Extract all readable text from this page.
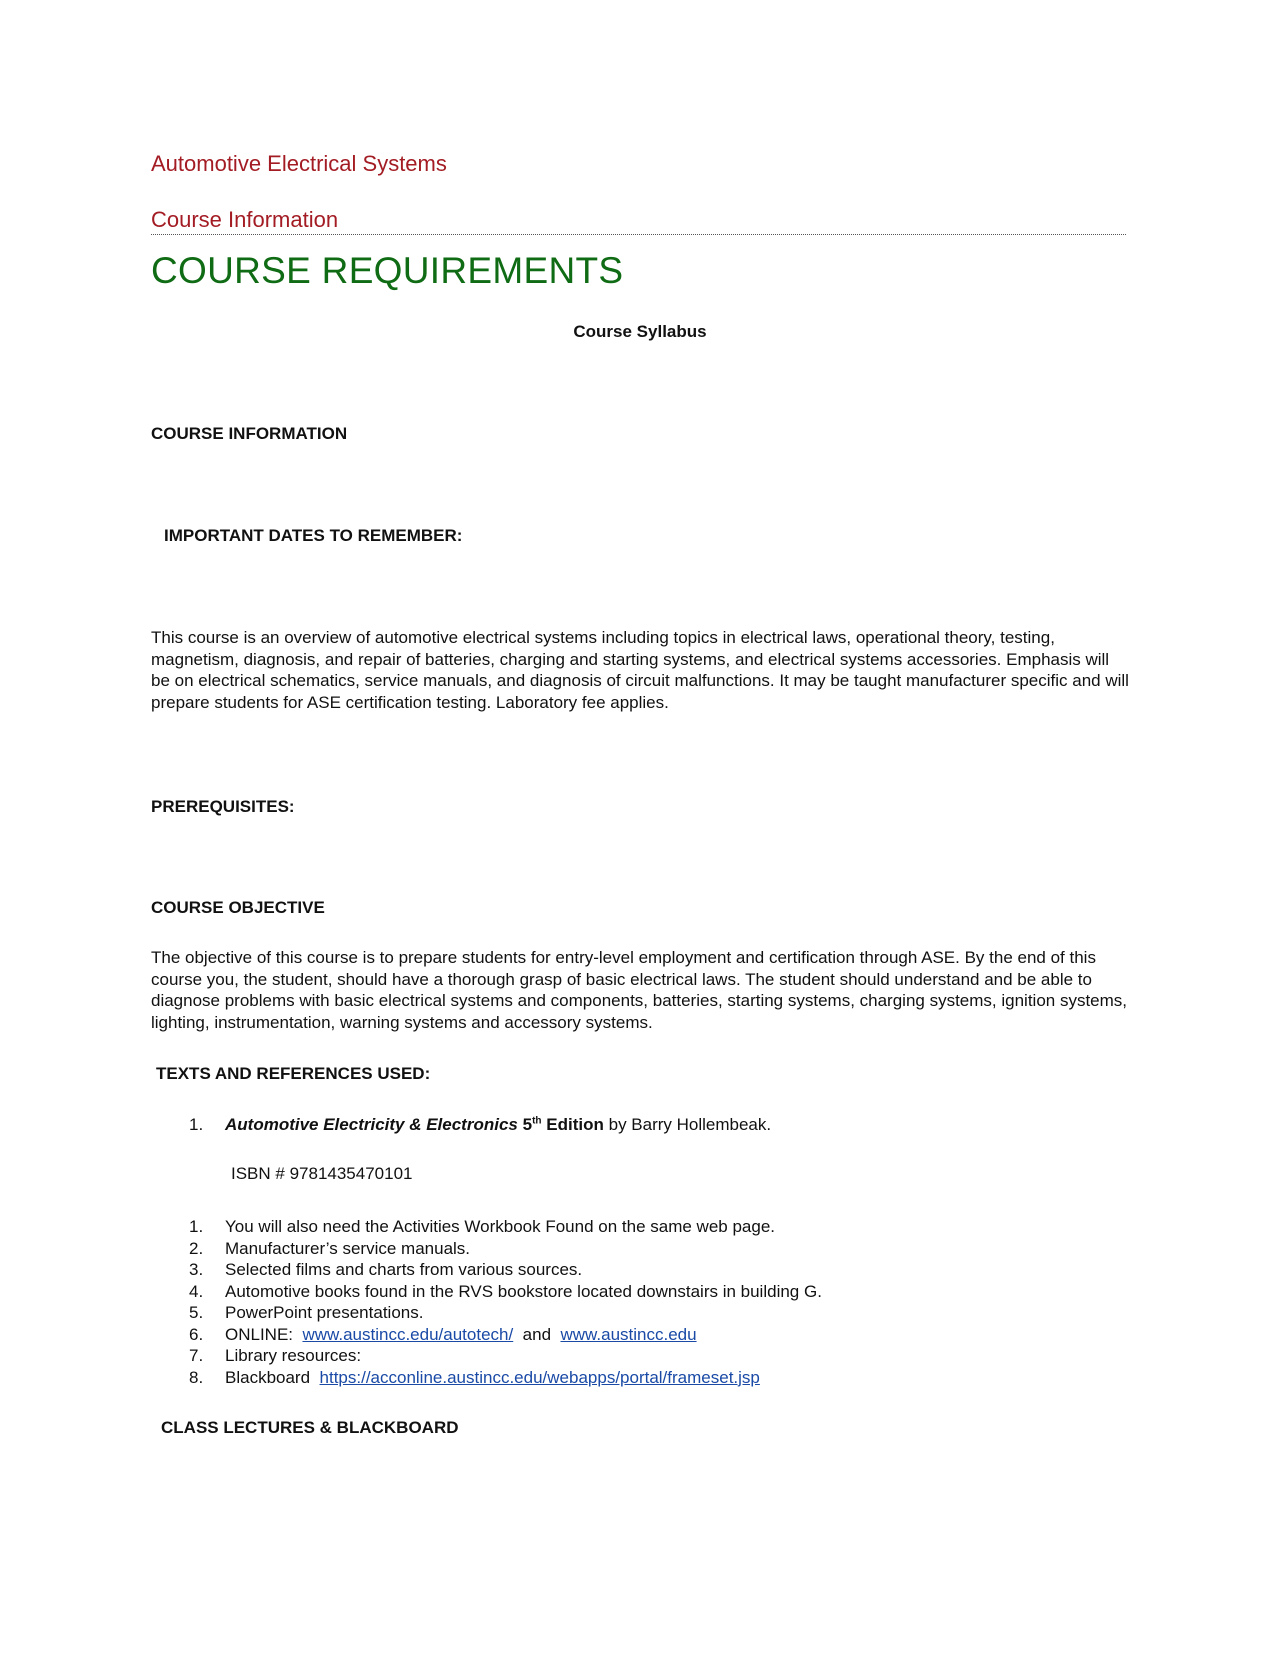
Automotive Electrical Systems
Course Information
COURSE REQUIREMENTS
Course Syllabus
COURSE INFORMATION
IMPORTANT DATES TO REMEMBER:

This course is an overview of automotive electrical systems including topics in electrical laws, operational theory, testing, magnetism, diagnosis, and repair of batteries, charging and starting systems, and electrical systems accessories. Emphasis will be on electrical schematics, service manuals, and diagnosis of circuit malfunctions. It may be taught manufacturer specific and will prepare students for ASE certification testing. Laboratory fee applies.

PREREQUISITES:
COURSE OBJECTIVE

The objective of this course is to prepare students for entry-level employment and certification through ASE. By the end of this course you, the student, should have a thorough grasp of basic electrical laws. The student should understand and be able to diagnose problems with basic electrical systems and components, batteries, starting systems, charging systems, ignition systems, lighting, instrumentation, warning systems and accessory systems.

TEXTS AND REFERENCES USED:
1. Automotive Electricity & Electronics 5th Edition by Barry Hollembeak.
ISBN # 9781435470101
1. You will also need the Activities Workbook Found on the same web page.
2. Manufacturer’s service manuals.
3. Selected films and charts from various sources.
4. Automotive books found in the RVS bookstore located downstairs in building G.
5. PowerPoint presentations.
6. ONLINE: www.austincc.edu/autotech/ and www.austincc.edu
7. Library resources:
8. Blackboard https://acconline.austincc.edu/webapps/portal/frameset.jsp
CLASS LECTURES & BLACKBOARD
